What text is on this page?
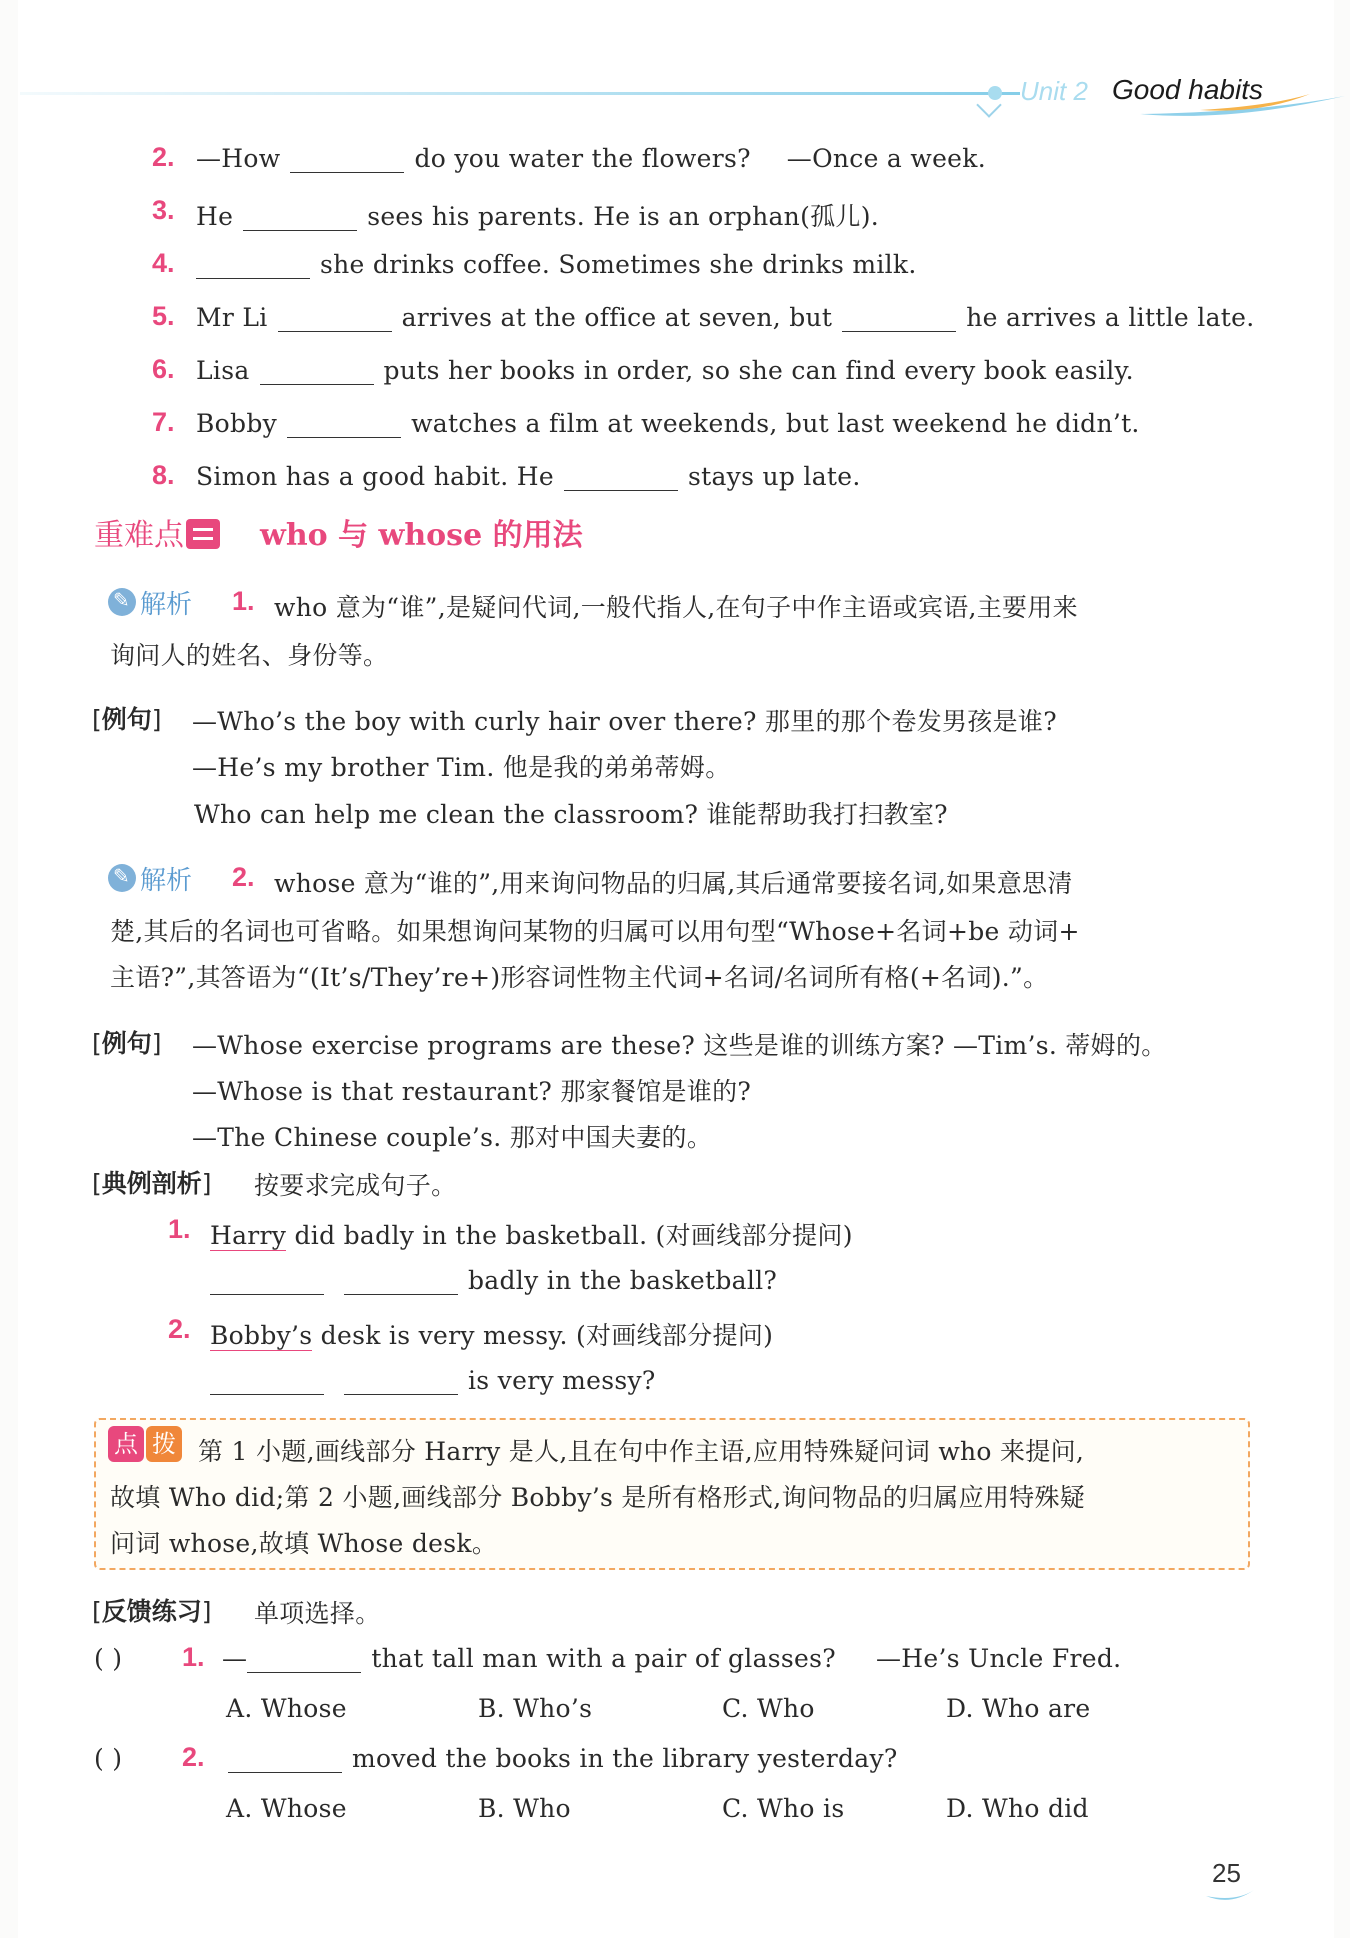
Unit 2 Good habits
2. —How	do you water the flowers? —Once a week.
3. He	sees his parents. He is an orphan(孤儿).
4.	she drinks coffee. Sometimes she drinks milk.
5. Mr Li	arrives at the office at seven, but	he arrives a little late.
6. Lisa	puts her books in order, so she can find every book easily.
7. Bobby	watches a film at weekends, but last weekend he didn’t.
8. Simon has a good habit. He	stays up late.
重难点	who 与 whose 的用法
✎
解析 1. who 意为“谁”,是疑问代词,一般代指人,在句子中作主语或宾语,主要用来
询问人的姓名、身份等。
[例句] —Who’s the boy with curly hair over there? 那里的那个卷发男孩是谁?
—He’s my brother Tim. 他是我的弟弟蒂姆。
Who can help me clean the classroom? 谁能帮助我打扫教室?
✎
解析 2. whose 意为“谁的”,用来询问物品的归属,其后通常要接名词,如果意思清
楚,其后的名词也可省略。如果想询问某物的归属可以用句型“Whose+名词+be 动词+
主语?”,其答语为“(It’s/They’re+)形容词性物主代词+名词/名词所有格(+名词).”。
[例句] —Whose exercise programs are these? 这些是谁的训练方案? —Tim’s. 蒂姆的。
—Whose is that restaurant? 那家餐馆是谁的?
—The Chinese couple’s. 那对中国夫妻的。
[典例剖析] 按要求完成句子。
1. Harry did badly in the basketball. (对画线部分提问)
badly in the basketball?
2. Bobby’s desk is very messy. (对画线部分提问)
is very messy?
点 拨 第 1 小题,画线部分 Harry 是人,且在句中作主语,应用特殊疑问词 who 来提问,
故填 Who did;第 2 小题,画线部分 Bobby’s 是所有格形式,询问物品的归属应用特殊疑
问词 whose,故填 Whose desk。
[反馈练习] 单项选择。
( ) 1. —	that tall man with a pair of glasses? —He’s Uncle Fred.
A. Whose	B. Who’s	C. Who	D. Who are
( ) 2.	moved the books in the library yesterday?
A. Whose	B. Who	C. Who is	D. Who did
25
